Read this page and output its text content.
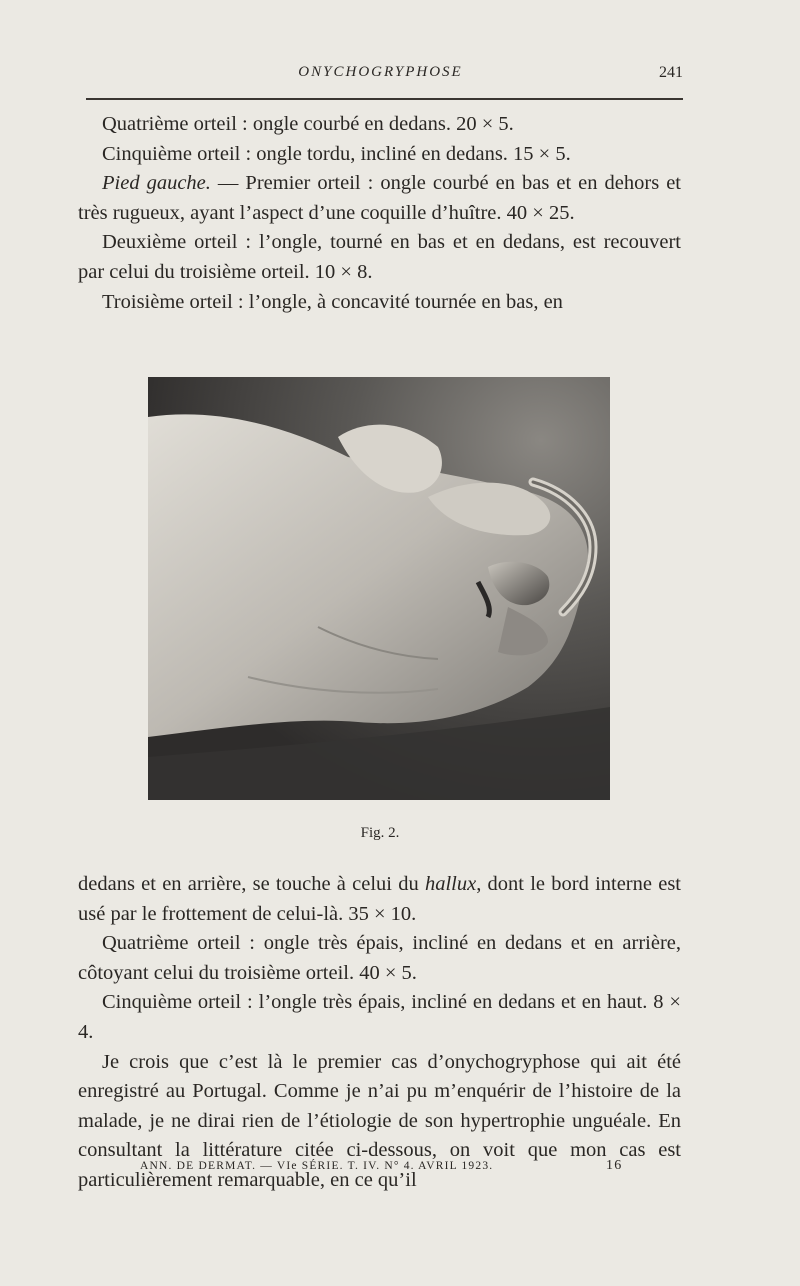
ONYCHOGRYPHOSE	241

Quatrième orteil : ongle courbé en dedans. 20 × 5.

Cinquième orteil : ongle tordu, incliné en dedans. 15 × 5.

Pied gauche. — Premier orteil : ongle courbé en bas et en dehors et très rugueux, ayant l’aspect d’une coquille d’huître. 40 × 25.

Deuxième orteil : l’ongle, tourné en bas et en dedans, est recouvert par celui du troisième orteil. 10 × 8.

Troisième orteil : l’ongle, à concavité tournée en bas, en

Fig. 2.

dedans et en arrière, se touche à celui du hallux, dont le bord interne est usé par le frottement de celui-là. 35 × 10.

Quatrième orteil : ongle très épais, incliné en dedans et en arrière, côtoyant celui du troisième orteil. 40 × 5.

Cinquième orteil : l’ongle très épais, incliné en dedans et en haut. 8 × 4.

Je crois que c’est là le premier cas d’onychogryphose qui ait été enregistré au Portugal. Comme je n’ai pu m’enquérir de l’histoire de la malade, je ne dirai rien de l’étiologie de son hypertrophie unguéale. En consultant la littérature citée ci-dessous, on voit que mon cas est particulièrement remarquable, en ce qu’il

ANN. DE DERMAT. — VIe SÉRIE. T. IV. N° 4. AVRIL 1923.	16
